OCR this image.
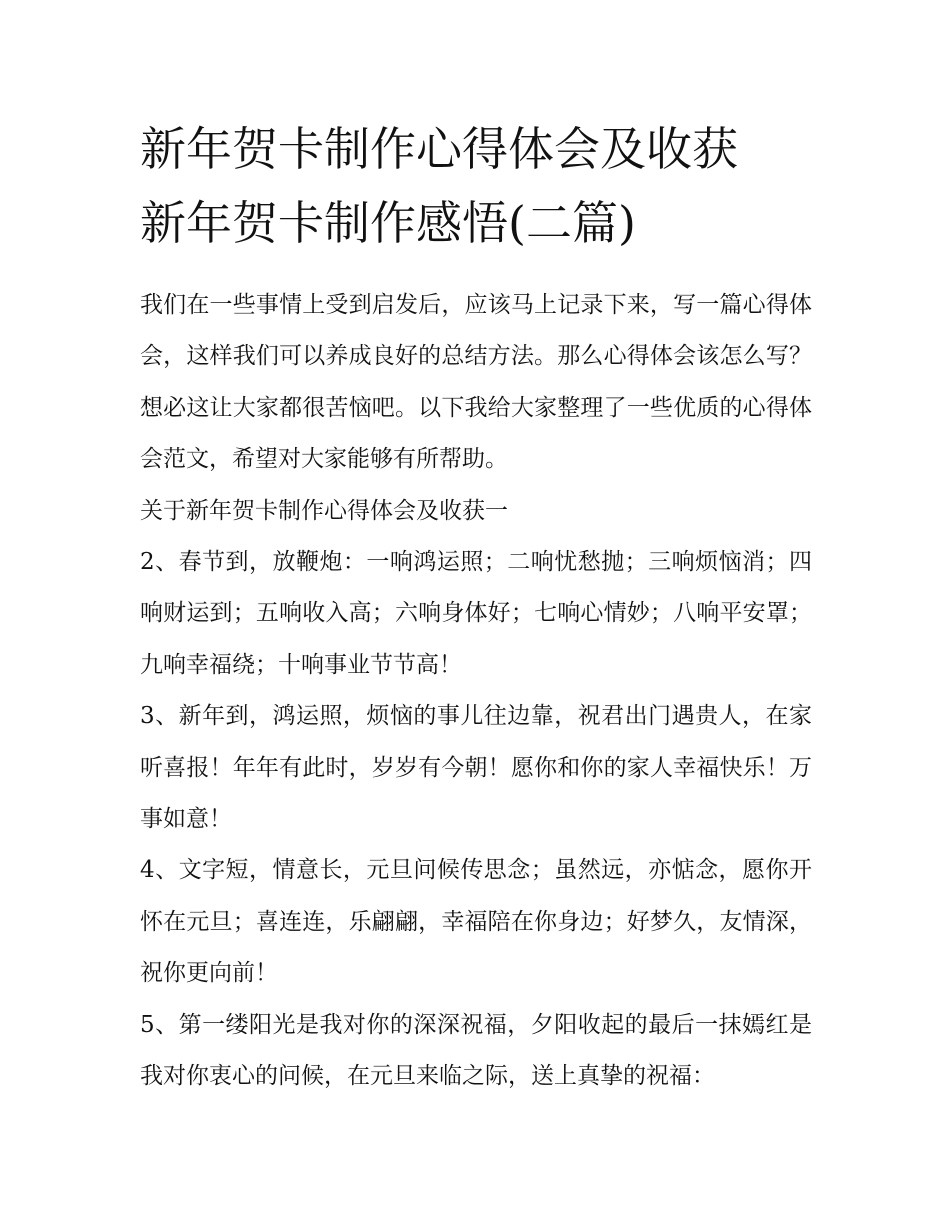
新年贺卡制作心得体会及收获
新年贺卡制作感悟(二篇)

我们在一些事情上受到启发后，应该马上记录下来，写一篇心得体会，这样我们可以养成良好的总结方法。那么心得体会该怎么写？想必这让大家都很苦恼吧。以下我给大家整理了一些优质的心得体会范文，希望对大家能够有所帮助。

关于新年贺卡制作心得体会及收获一

2、春节到，放鞭炮：一响鸿运照；二响忧愁抛；三响烦恼消；四响财运到；五响收入高；六响身体好；七响心情妙；八响平安罩；九响幸福绕；十响事业节节高！

3、新年到，鸿运照，烦恼的事儿往边靠，祝君出门遇贵人，在家听喜报！年年有此时，岁岁有今朝！愿你和你的家人幸福快乐！万事如意！

4、文字短，情意长，元旦问候传思念；虽然远，亦惦念，愿你开怀在元旦；喜连连，乐翩翩，幸福陪在你身边；好梦久，友情深，祝你更向前！

5、第一缕阳光是我对你的深深祝福，夕阳收起的最后一抹嫣红是我对你衷心的问候，在元旦来临之际，送上真挚的祝福：
